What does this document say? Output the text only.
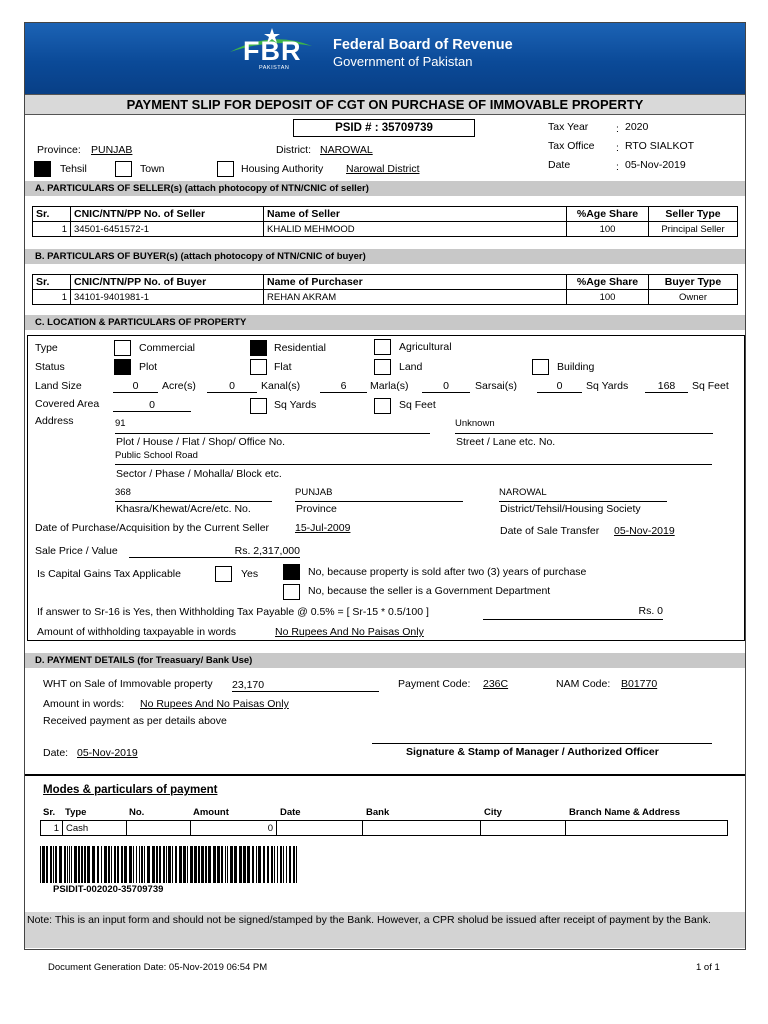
FBR
PAKISTAN
Federal Board of Revenue
Government of Pakistan
PAYMENT SLIP FOR DEPOSIT OF CGT ON PURCHASE OF IMMOVABLE PROPERTY
PSID # : 35709739	Tax Year	: 2020
Tax Office : RTO SIALKOT
Date	: 05-Nov-2019
Province: PUNJAB	District: NAROWAL
Tehsil	Town	Housing Authority Narowal District
A. PARTICULARS OF SELLER(s) (attach photocopy of NTN/CNIC of seller)
Sr.	CNIC/NTN/PP No. of Seller	Name of Seller	%Age Share	Seller Type
1	34501-6451572-1	KHALID MEHMOOD	100	Principal Seller
B. PARTICULARS OF BUYER(s) (attach photocopy of NTN/CNIC of buyer)
Sr.	CNIC/NTN/PP No. of Buyer	Name of Purchaser	%Age Share	Buyer Type
1	34101-9401981-1	REHAN AKRAM	100	Owner
C. LOCATION & PARTICULARS OF PROPERTY
Type	Commercial	Residential	Agricultural
Status	Plot	Flat	Land	Building
Land Size	0	Acre(s)	0	Kanal(s)	6	Marla(s)	0	Sarsai(s)	0	Sq Yards	168	Sq Feet
Covered Area	0	Sq Yards	Sq Feet
Address	91
Plot / House / Flat / Shop/ Office No.
Unknown
Street / Lane etc. No.
Public School Road
Sector / Phase / Mohalla/ Block etc.
368
Khasra/Khewat/Acre/etc. No.
PUNJAB
Province
NAROWAL
District/Tehsil/Housing Society
Date of Purchase/Acquisition by the Current Seller 15-Jul-2009	Date of Sale Transfer 05-Nov-2019
Sale Price / Value	Rs. 2,317,000
Is Capital Gains Tax Applicable	Yes	No, because property is sold after two (3) years of purchase
No, because the seller is a Government Department
If answer to Sr-16 is Yes, then Withholding Tax Payable @ 0.5% = [ Sr-15 * 0.5/100 ]	Rs. 0
Amount of withholding taxpayable in words	No Rupees And No Paisas Only
D. PAYMENT DETAILS (for Treasuary/ Bank Use)
WHT on Sale of Immovable property 23,170	Payment Code: 236C	NAM Code: B01770
Amount in words: No Rupees And No Paisas Only
Received payment as per details above
Date: 05-Nov-2019	Signature & Stamp of Manager / Authorized Officer
Modes & particulars of payment
Sr. Type	No.	Amount	Date	Bank	City	Branch Name & Address
1	Cash		0				
PSIDIT-002020-35709739
Note: This is an input form and should not be signed/stamped by the Bank. However, a CPR sholud be issued after receipt of payment by the Bank.
Document Generation Date: 05-Nov-2019 06:54 PM	1 of 1
